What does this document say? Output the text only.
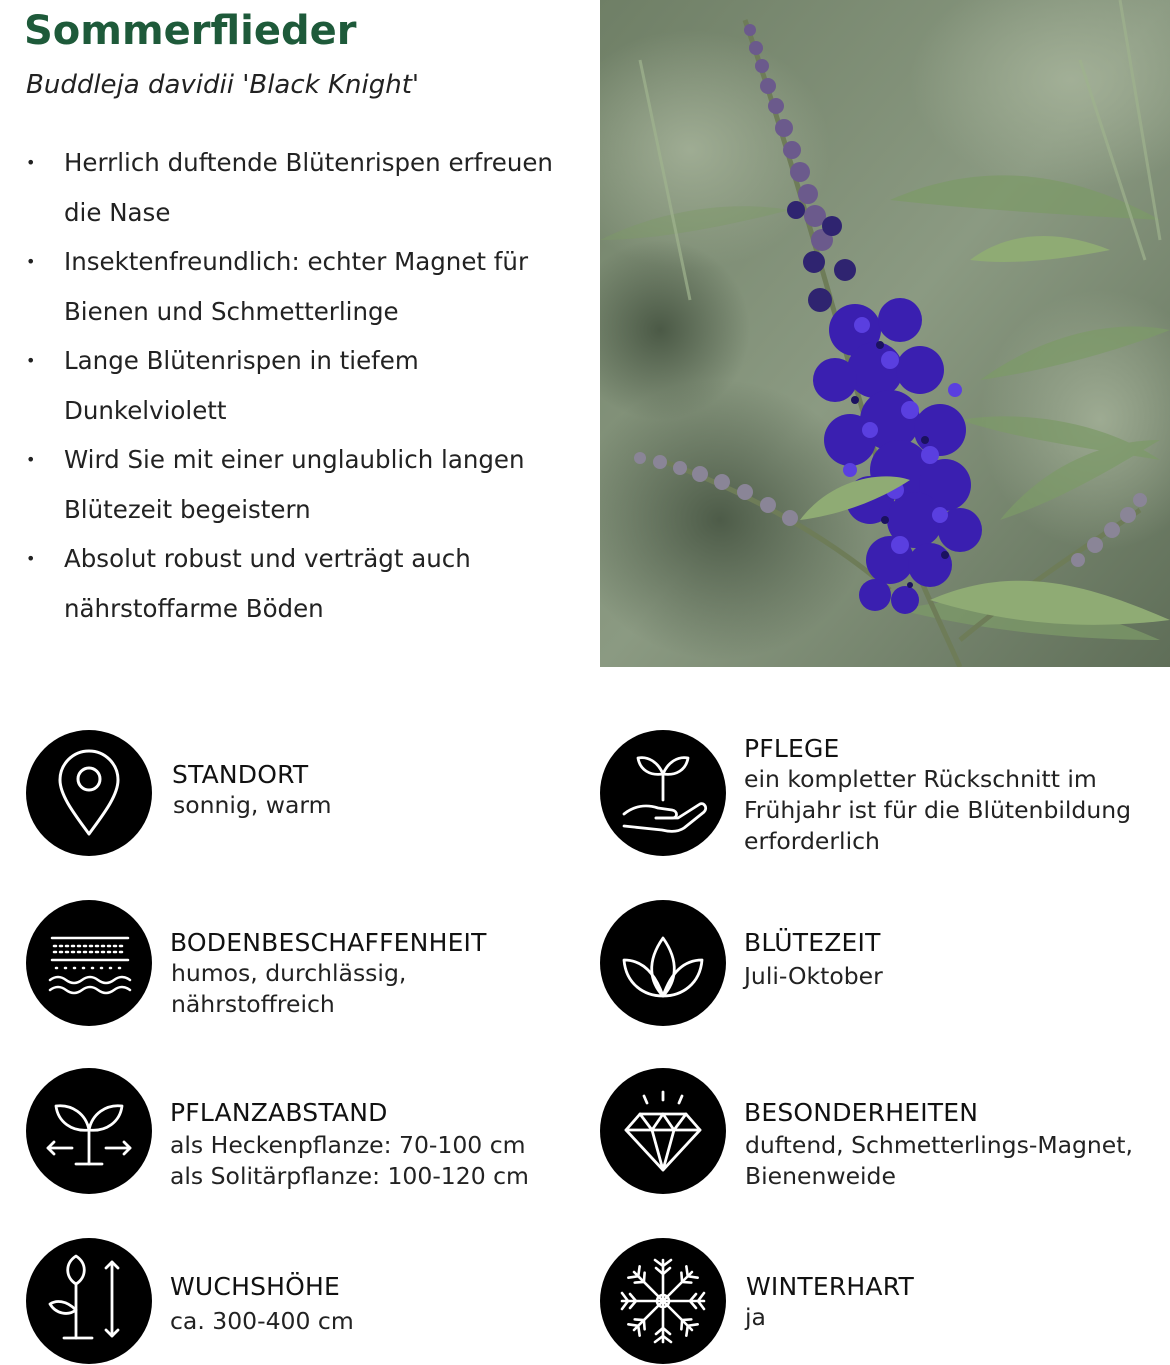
Sommerflieder
Buddleja davidii 'Black Knight'
• Herrlich duftende Blütenrispen erfreuen
die Nase
• Insektenfreundlich: echter Magnet für
Bienen und Schmetterlinge
• Lange Blütenrispen in tiefem
Dunkelviolett
• Wird Sie mit einer unglaublich langen
Blütezeit begeistern
• Absolut robust und verträgt auch
nährstoffarme Böden
STANDORT
sonnig, warm
BODENBESCHAFFENHEIT
humos, durchlässig,
nährstoffreich
PFLANZABSTAND
als Heckenpflanze: 70-100 cm
als Solitärpflanze: 100-120 cm
WUCHSHÖHE
ca. 300-400 cm
PFLEGE
ein kompletter Rückschnitt im
Frühjahr ist für die Blütenbildung
erforderlich
BLÜTEZEIT
Juli-Oktober
BESONDERHEITEN
duftend, Schmetterlings-Magnet,
Bienenweide
WINTERHART
ja
